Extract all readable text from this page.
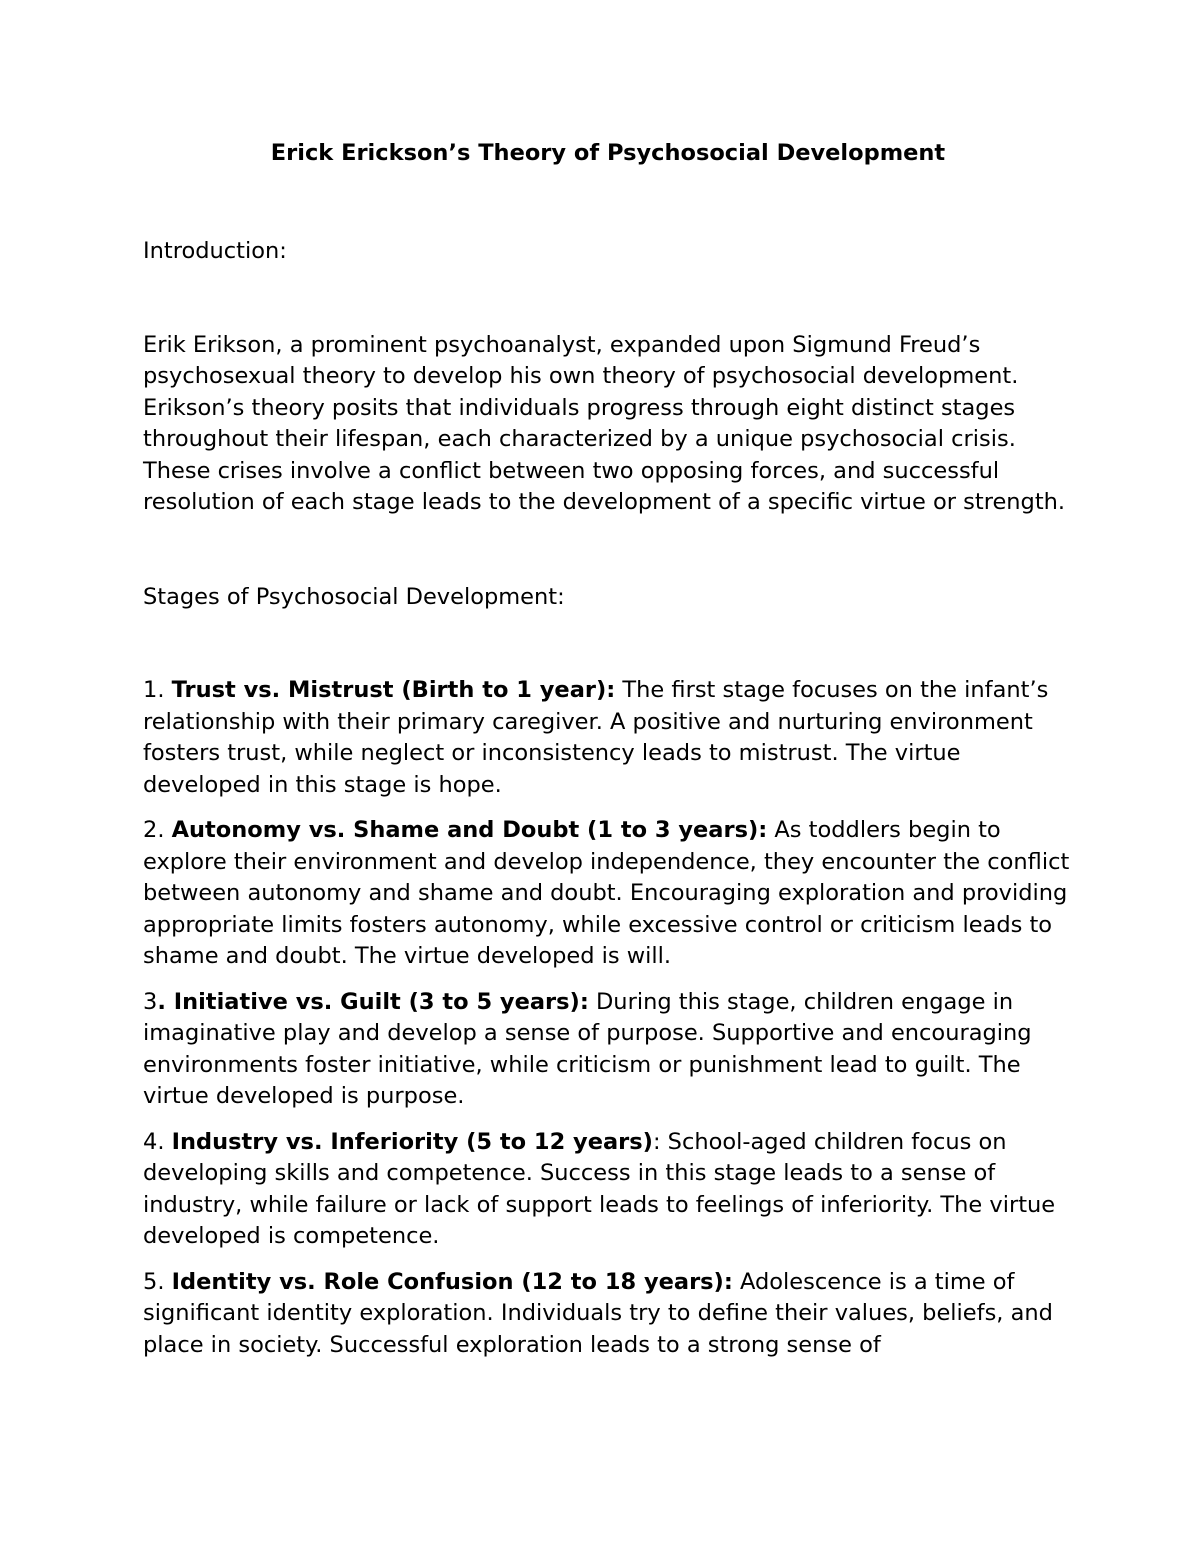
Erick Erickson’s Theory of Psychosocial Development

Introduction:

Erik Erikson, a prominent psychoanalyst, expanded upon Sigmund Freud’s psychosexual theory to develop his own theory of psychosocial development. Erikson’s theory posits that individuals progress through eight distinct stages throughout their lifespan, each characterized by a unique psychosocial crisis. These crises involve a conflict between two opposing forces, and successful resolution of each stage leads to the development of a specific virtue or strength.

Stages of Psychosocial Development:

1. Trust vs. Mistrust (Birth to 1 year): The first stage focuses on the infant’s relationship with their primary caregiver. A positive and nurturing environment fosters trust, while neglect or inconsistency leads to mistrust. The virtue developed in this stage is hope.

2. Autonomy vs. Shame and Doubt (1 to 3 years): As toddlers begin to explore their environment and develop independence, they encounter the conflict between autonomy and shame and doubt. Encouraging exploration and providing appropriate limits fosters autonomy, while excessive control or criticism leads to shame and doubt. The virtue developed is will.

3. Initiative vs. Guilt (3 to 5 years): During this stage, children engage in imaginative play and develop a sense of purpose. Supportive and encouraging environments foster initiative, while criticism or punishment lead to guilt. The virtue developed is purpose.

4. Industry vs. Inferiority (5 to 12 years): School-aged children focus on developing skills and competence. Success in this stage leads to a sense of industry, while failure or lack of support leads to feelings of inferiority. The virtue developed is competence.

5. Identity vs. Role Confusion (12 to 18 years): Adolescence is a time of significant identity exploration. Individuals try to define their values, beliefs, and place in society. Successful exploration leads to a strong sense of
